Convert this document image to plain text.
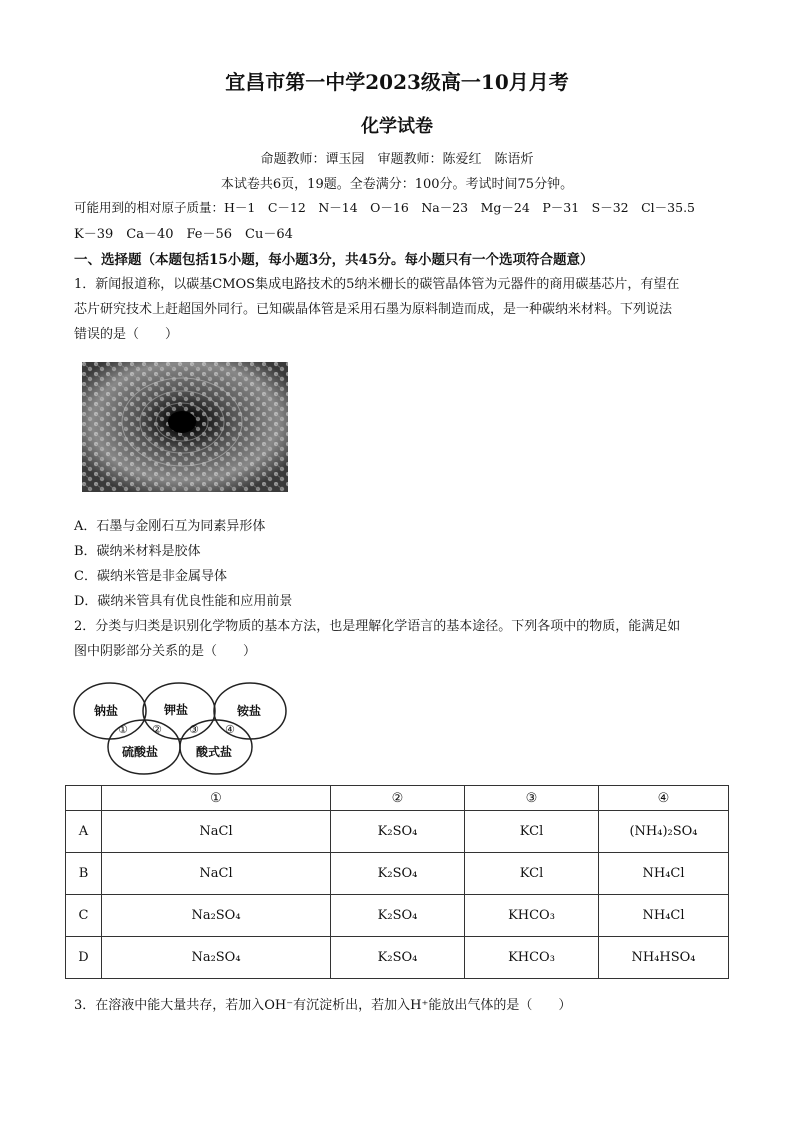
宜昌市第一中学2023级高一10月月考
化学试卷
命题教师：谭玉园　审题教师：陈爱红　陈语炘
本试卷共6页，19题。全卷满分：100分。考试时间75分钟。
可能用到的相对原子质量：H－1　C－12　N－14　O－16　Na－23　Mg－24　P－31　S－32　Cl－35.5
K－39　Ca－40　Fe－56　Cu－64
一、选择题（本题包括15小题，每小题3分，共45分。每小题只有一个选项符合题意）
1．新闻报道称，以碳基CMOS集成电路技术的5纳米栅长的碳管晶体管为元器件的商用碳基芯片，有望在
芯片研究技术上赶超国外同行。已知碳晶体管是采用石墨为原料制造而成，是一种碳纳米材料。下列说法
错误的是（　　）
A．石墨与金刚石互为同素异形体
B．碳纳米材料是胶体
C．碳纳米管是非金属导体
D．碳纳米管具有优良性能和应用前景
2．分类与归类是识别化学物质的基本方法，也是理解化学语言的基本途径。下列各项中的物质，能满足如
图中阴影部分关系的是（　　）
钠盐	钾盐	铵盐
硫酸盐	酸式盐
① ② ③ ④
	①	②	③	④
A	NaCl	K₂SO₄	KCl	(NH₄)₂SO₄
B	NaCl	K₂SO₄	KCl	NH₄Cl
C	Na₂SO₄	K₂SO₄	KHCO₃	NH₄Cl
D	Na₂SO₄	K₂SO₄	KHCO₃	NH₄HSO₄
3．在溶液中能大量共存，若加入OH⁻有沉淀析出，若加入H⁺能放出气体的是（　　）
